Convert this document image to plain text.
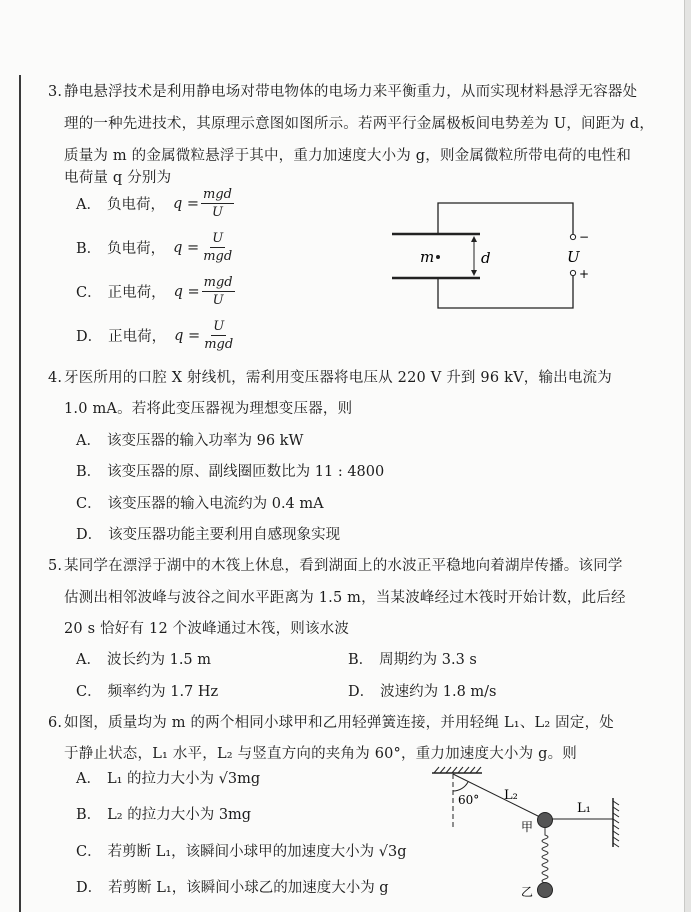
3. 静电悬浮技术是利用静电场对带电物体的电场力来平衡重力，从而实现材料悬浮无容器处
理的一种先进技术，其原理示意图如图所示。若两平行金属极板间电势差为 U，间距为 d，
质量为 m 的金属微粒悬浮于其中，重力加速度大小为 g，则金属微粒所带电荷的电性和
电荷量 q 分别为
A． 负电荷， $q = \frac{\text{mgd}}{U}$
B． 负电荷， $q = \frac{U}{\text{mgd}}$
C． 正电荷， $q = \frac{\text{mgd}}{U}$
D． 正电荷， $q = \frac{U}{\text{mgd}}$
m	d	U
−
+
4. 牙医所用的口腔 X 射线机，需利用变压器将电压从 220 V 升到 96 kV，输出电流为
1.0 mA。若将此变压器视为理想变压器，则
A． 该变压器的输入功率为 96 kW
B． 该变压器的原、副线圈匝数比为 11 : 4800
C． 该变压器的输入电流约为 0.4 mA
D． 该变压器功能主要利用自感现象实现
5. 某同学在漂浮于湖中的木筏上休息，看到湖面上的水波正平稳地向着湖岸传播。该同学
估测出相邻波峰与波谷之间水平距离为 1.5 m，当某波峰经过木筏时开始计数，此后经
20 s 恰好有 12 个波峰通过木筏，则该水波
A． 波长约为 1.5 m	B． 周期约为 3.3 s
C． 频率约为 1.7 Hz	D． 波速约为 1.8 m/s
6. 如图，质量均为 m 的两个相同小球甲和乙用轻弹簧连接，并用轻绳 L₁、L₂ 固定，处
于静止状态，L₁ 水平，L₂ 与竖直方向的夹角为 60°，重力加速度大小为 g。则
A． L₁ 的拉力大小为 √3mg
B． L₂ 的拉力大小为 3mg
C． 若剪断 L₁，该瞬间小球甲的加速度大小为 √3g
D． 若剪断 L₁，该瞬间小球乙的加速度大小为 g
60° L₂
L₁
甲
乙
